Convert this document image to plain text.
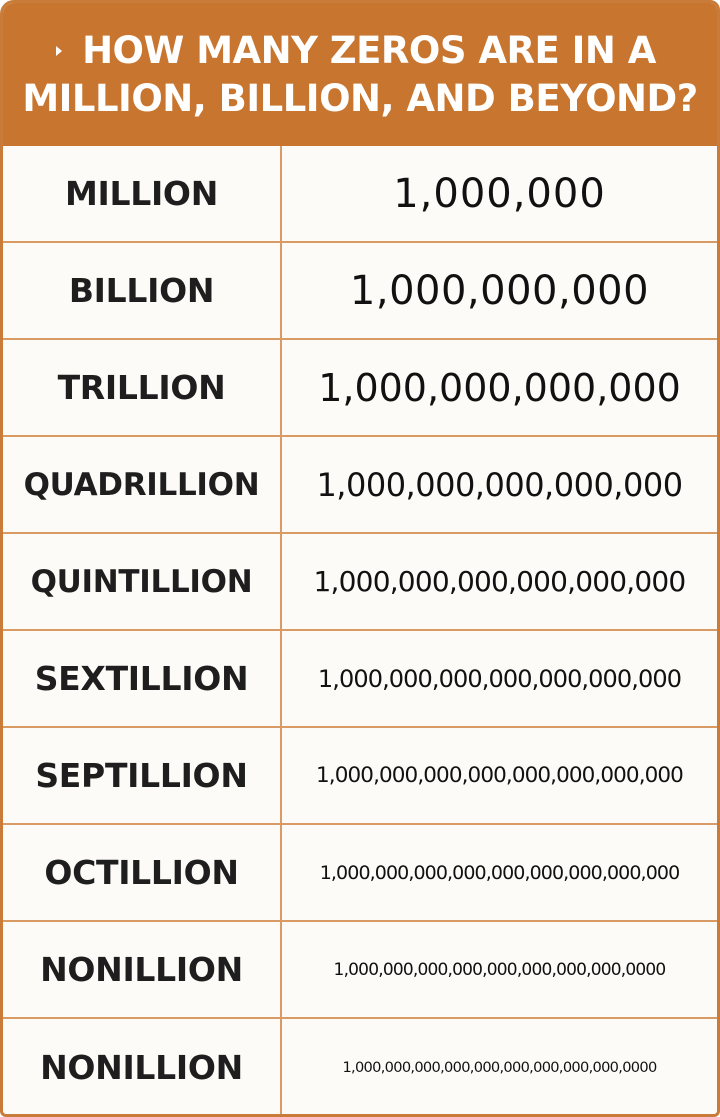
HOW MANY ZEROS ARE IN A
MILLION, BILLION, AND BEYOND?
MILLION	1,000,000
BILLION	1,000,000,000
TRILLION	1,000,000,000,000
QUADRILLION	1,000,000,000,000,000
QUINTILLION	1,000,000,000,000,000,000
SEXTILLION	1,000,000,000,000,000,000,000
SEPTILLION	1,000,000,000,000,000,000,000,000
OCTILLION	1,000,000,000,000,000,000,000,000,000
NONILLION	1,000,000,000,000,000,000,000,000,0000
NONILLION	1,000,000,000,000,000,000,000,000,000,0000
